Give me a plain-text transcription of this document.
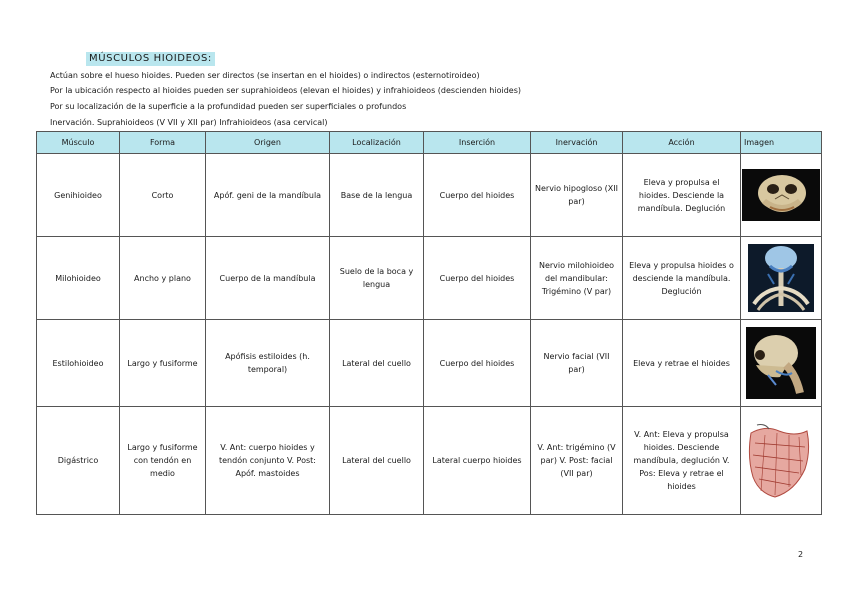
MÚSCULOS HIOIDEOS:
Actúan sobre el hueso hioides. Pueden ser directos (se insertan en el hioides) o indirectos (esternotiroideo)
Por la ubicación respecto al hioides pueden ser suprahioideos (elevan el hioides) y infrahioideos (descienden hioides)
Por su localización de la superficie a la profundidad pueden ser superficiales o profundos
Inervación. Suprahioideos (V VII y XII par) Infrahioideos (asa cervical)
Músculo	Forma	Origen	Localización	Inserción	Inervación	Acción	Imagen
Genihioideo	Corto	Apóf. geni de la mandíbula	Base de la lengua	Cuerpo del hioides	Nervio hipogloso (XII par)	Eleva y propulsa el hioides. Desciende la mandíbula. Deglución	

Milohioideo	Ancho y plano	Cuerpo de la mandíbula	Suelo de la boca y lengua	Cuerpo del hioides	Nervio milohioideo del mandibular: Trigémino (V par)	Eleva y propulsa hioides o desciende la mandíbula. Deglución	

Estilohioideo	Largo y fusiforme	Apófisis estiloides (h. temporal)	Lateral del cuello	Cuerpo del hioides	Nervio facial (VII par)	Eleva y retrae el hioides	

Digástrico	Largo y fusiforme con tendón en medio	V. Ant: cuerpo hioides y tendón conjunto V. Post: Apóf. mastoides	Lateral del cuello	Lateral cuerpo hioides	V. Ant: trigémino (V par) V. Post: facial (VII par)	V. Ant: Eleva y propulsa hioides. Desciende mandíbula, deglución V. Pos: Eleva y retrae el hioides	
2
